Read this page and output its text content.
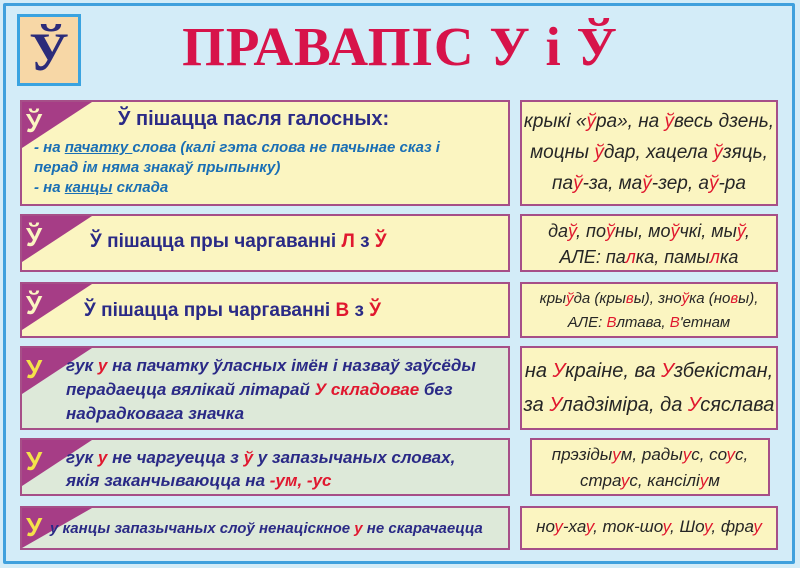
Ў	ПРАВАПІС У і Ў
Ў	Ў пішацца пасля галосных:
- на пачатку слова (калі гэта слова не пачынае сказ і
перад ім няма знакаў прыпынку)
- на канцы склада
крыкі «ўра», на ўвесь дзень,
моцны ўдар, хацела ўзяць,
паў-за, маў-зер, аў-ра
Ў	Ў пішацца пры чаргаванні Л з Ў	даў, поўны, моўчкі, мыў,
АЛЕ: палка, памылка
Ў Ў пішацца пры чаргаванні В з Ў
крыўда (крывы), зноўка (новы),
АЛЕ: Влтава, В'етнам
У гук у на пачатку ўласных імён і назваў заўсёды
перадаецца вялікай літарай У складовае без
надрадковага значка
на Украіне, ва Узбекістан,
за Уладзіміра, да Усяслава
У гук у не чаргуецца з ў у запазычаных словах,
якія заканчываюцца на -ум, -ус
прэзідыум, радыус, соус,
страус, кансіліум
У у канцы запазычаных слоў ненаціскное у не скарачаецца	ноу-хау, ток-шоу, Шоу, фрау
